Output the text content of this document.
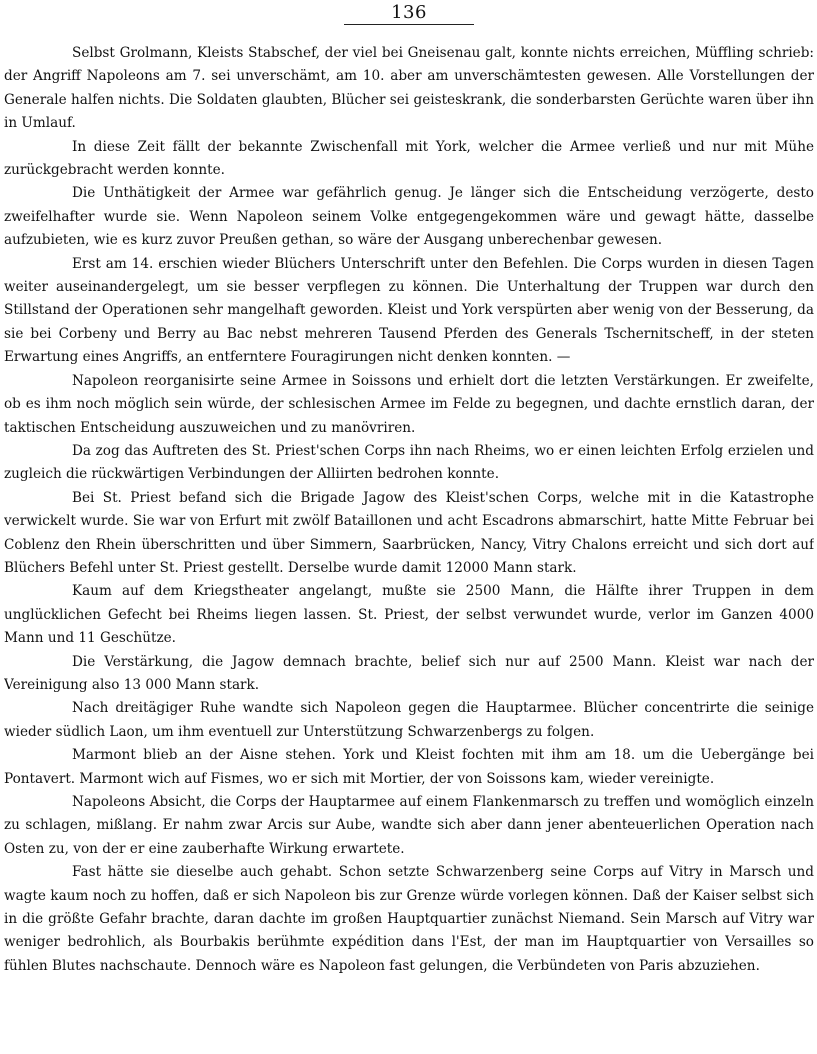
136

Selbst Grolmann, Kleists Stabschef, der viel bei Gneisenau galt, konnte nichts erreichen, Müffling schrieb: der Angriff Napoleons am 7. sei unverschämt, am 10. aber am unverschämtesten gewesen. Alle Vorstellungen der Generale halfen nichts. Die Soldaten glaubten, Blücher sei geisteskrank, die sonderbarsten Gerüchte waren über ihn in Umlauf.

In diese Zeit fällt der bekannte Zwischenfall mit York, welcher die Armee verließ und nur mit Mühe zurückgebracht werden konnte.

Die Unthätigkeit der Armee war gefährlich genug. Je länger sich die Entscheidung verzögerte, desto zweifelhafter wurde sie. Wenn Napoleon seinem Volke entgegengekommen wäre und gewagt hätte, dasselbe aufzubieten, wie es kurz zuvor Preußen gethan, so wäre der Ausgang unberechenbar gewesen.

Erst am 14. erschien wieder Blüchers Unterschrift unter den Befehlen. Die Corps wurden in diesen Tagen weiter auseinandergelegt, um sie besser verpflegen zu können. Die Unterhaltung der Truppen war durch den Stillstand der Operationen sehr mangelhaft geworden. Kleist und York verspürten aber wenig von der Besserung, da sie bei Corbeny und Berry au Bac nebst mehreren Tausend Pferden des Generals Tschernitscheff, in der steten Erwartung eines Angriffs, an entferntere Fouragirungen nicht denken konnten. —

Napoleon reorganisirte seine Armee in Soissons und erhielt dort die letzten Verstärkungen. Er zweifelte, ob es ihm noch möglich sein würde, der schlesischen Armee im Felde zu begegnen, und dachte ernstlich daran, der taktischen Entscheidung auszuweichen und zu manövriren.

Da zog das Auftreten des St. Priest'schen Corps ihn nach Rheims, wo er einen leichten Erfolg erzielen und zugleich die rückwärtigen Verbindungen der Alliirten bedrohen konnte.

Bei St. Priest befand sich die Brigade Jagow des Kleist'schen Corps, welche mit in die Katastrophe verwickelt wurde. Sie war von Erfurt mit zwölf Bataillonen und acht Escadrons abmarschirt, hatte Mitte Februar bei Coblenz den Rhein überschritten und über Simmern, Saarbrücken, Nancy, Vitry Chalons erreicht und sich dort auf Blüchers Befehl unter St. Priest gestellt. Derselbe wurde damit 12000 Mann stark.

Kaum auf dem Kriegstheater angelangt, mußte sie 2500 Mann, die Hälfte ihrer Truppen in dem unglücklichen Gefecht bei Rheims liegen lassen. St. Priest, der selbst verwundet wurde, verlor im Ganzen 4000 Mann und 11 Geschütze.

Die Verstärkung, die Jagow demnach brachte, belief sich nur auf 2500 Mann. Kleist war nach der Vereinigung also 13 000 Mann stark.

Nach dreitägiger Ruhe wandte sich Napoleon gegen die Hauptarmee. Blücher concentrirte die seinige wieder südlich Laon, um ihm eventuell zur Unterstützung Schwarzenbergs zu folgen.

Marmont blieb an der Aisne stehen. York und Kleist fochten mit ihm am 18. um die Uebergänge bei Pontavert. Marmont wich auf Fismes, wo er sich mit Mortier, der von Soissons kam, wieder vereinigte.

Napoleons Absicht, die Corps der Hauptarmee auf einem Flankenmarsch zu treffen und womöglich einzeln zu schlagen, mißlang. Er nahm zwar Arcis sur Aube, wandte sich aber dann jener abenteuerlichen Operation nach Osten zu, von der er eine zauberhafte Wirkung erwartete.

Fast hätte sie dieselbe auch gehabt. Schon setzte Schwarzenberg seine Corps auf Vitry in Marsch und wagte kaum noch zu hoffen, daß er sich Napoleon bis zur Grenze würde vorlegen können. Daß der Kaiser selbst sich in die größte Gefahr brachte, daran dachte im großen Hauptquartier zunächst Niemand. Sein Marsch auf Vitry war weniger bedrohlich, als Bourbakis berühmte expédition dans l'Est, der man im Hauptquartier von Versailles so fühlen Blutes nachschaute. Dennoch wäre es Napoleon fast gelungen, die Verbündeten von Paris abzuziehen.
